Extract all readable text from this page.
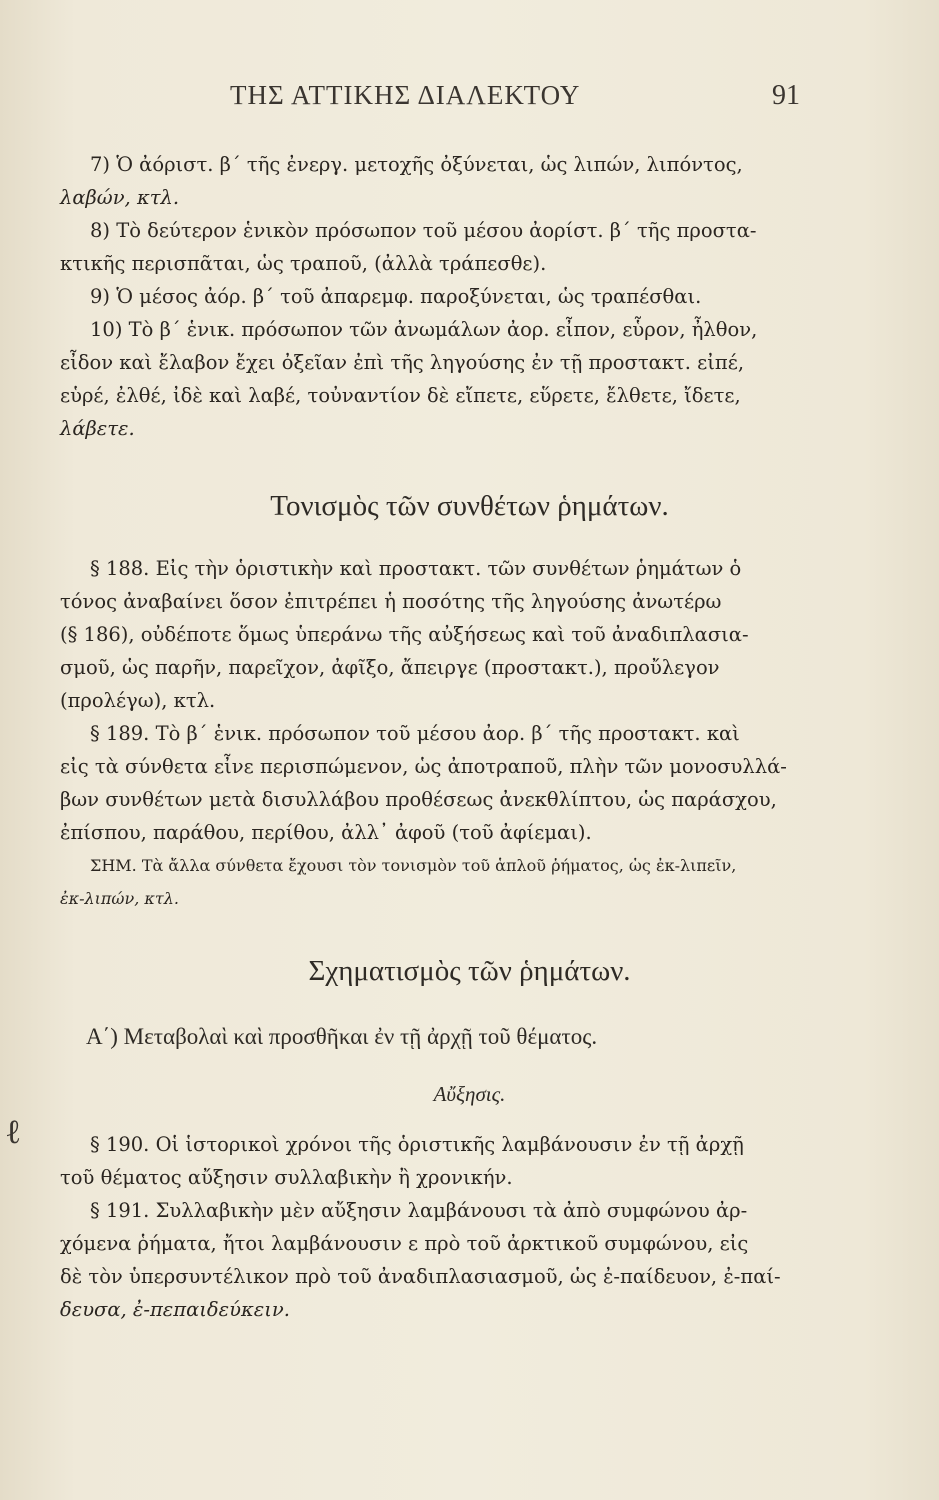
ΤΗΣ ΑΤΤΙΚΗΣ ΔΙΑΛΕΚΤΟΥ	91
7) Ὁ ἀόριστ. β΄ τῆς ἐνεργ. μετοχῆς ὀξύνεται, ὡς λιπών, λιπόντος,
λαβών, κτλ.
8) Τὸ δεύτερον ἑνικὸν πρόσωπον τοῦ μέσου ἀορίστ. β΄ τῆς προστα-
κτικῆς περισπᾶται, ὡς τραποῦ, (ἀλλὰ τράπεσθε).
9) Ὁ μέσος ἀόρ. β΄ τοῦ ἀπαρεμφ. παροξύνεται, ὡς τραπέσθαι.
10) Τὸ β΄ ἑνικ. πρόσωπον τῶν ἀνωμάλων ἀορ. εἶπον, εὗρον, ἦλθον,
εἶδον καὶ ἔλαβον ἔχει ὀξεῖαν ἐπὶ τῆς ληγούσης ἐν τῇ προστακτ. εἰπέ,
εὑρέ, ἐλθέ, ἰδὲ καὶ λαβέ, τοὐναντίον δὲ εἴπετε, εὕρετε, ἔλθετε, ἴδετε,
λάβετε.
Τονισμὸς τῶν συνθέτων ῥημάτων.
§ 188. Εἰς τὴν ὁριστικὴν καὶ προστακτ. τῶν συνθέτων ῥημάτων ὁ
τόνος ἀναβαίνει ὅσον ἐπιτρέπει ἡ ποσότης τῆς ληγούσης ἀνωτέρω
(§ 186), οὐδέποτε ὅμως ὑπεράνω τῆς αὐξήσεως καὶ τοῦ ἀναδιπλασια-
σμοῦ, ὡς παρῆν, παρεῖχον, ἀφῖξο, ἄπειργε (προστακτ.), προὔλεγον
(προλέγω), κτλ.
§ 189. Τὸ β΄ ἑνικ. πρόσωπον τοῦ μέσου ἀορ. β΄ τῆς προστακτ. καὶ
εἰς τὰ σύνθετα εἶνε περισπώμενον, ὡς ἀποτραποῦ, πλὴν τῶν μονοσυλλά-
βων συνθέτων μετὰ δισυλλάβου προθέσεως ἀνεκθλίπτου, ὡς παράσχου,
ἐπίσπου, παράθου, περίθου, ἀλλ᾽ ἀφοῦ (τοῦ ἀφίεμαι).
ΣΗΜ. Τὰ ἄλλα σύνθετα ἔχουσι τὸν τονισμὸν τοῦ ἁπλοῦ ῥήματος, ὡς ἐκ-λιπεῖν,
ἐκ-λιπών, κτλ.
Σχηματισμὸς τῶν ῥημάτων.
Α΄) Μεταβολαὶ καὶ προσθῆκαι ἐν τῇ ἀρχῇ τοῦ θέματος.
Αὔξησις.
ℓ	§ 190. Οἱ ἱστορικοὶ χρόνοι τῆς ὁριστικῆς λαμβάνουσιν ἐν τῇ ἀρχῇ
τοῦ θέματος αὔξησιν συλλαβικὴν ἢ χρονικήν.
§ 191. Συλλαβικὴν μὲν αὔξησιν λαμβάνουσι τὰ ἀπὸ συμφώνου ἀρ-
χόμενα ῥήματα, ἤτοι λαμβάνουσιν ε πρὸ τοῦ ἀρκτικοῦ συμφώνου, εἰς
δὲ τὸν ὑπερσυντέλικον πρὸ τοῦ ἀναδιπλασιασμοῦ, ὡς ἐ-παίδευον, ἐ-παί-
δευσα, ἐ-πεπαιδεύκειν.
